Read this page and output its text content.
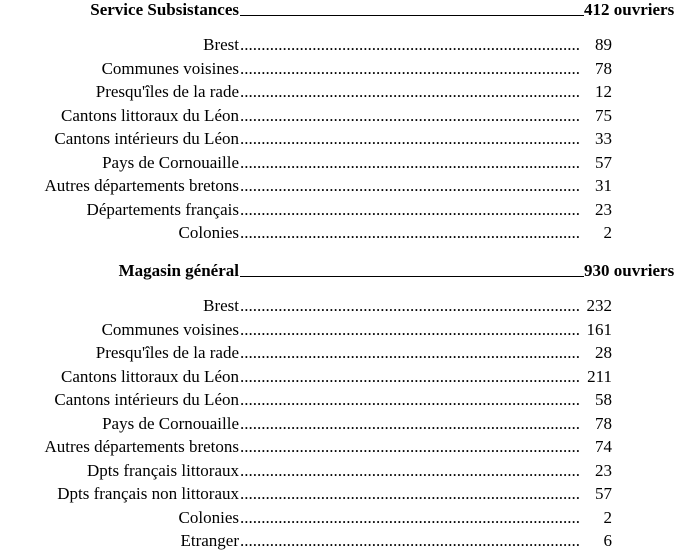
Service Subsistances	412 ouvriers
Brest .....	89
Communes voisines .....	78
Presqu'îles de la rade .....	12
Cantons littoraux du Léon .....	75
Cantons intérieurs du Léon .....	33
Pays de Cornouaille .....	57
Autres départements bretons .....	31
Départements français .....	23
Colonies .....	2
Magasin général	930 ouvriers
Brest .....	232
Communes voisines .....	161
Presqu'îles de la rade .....	28
Cantons littoraux du Léon .....	211
Cantons intérieurs du Léon .....	58
Pays de Cornouaille .....	78
Autres départements bretons .....	74
Dpts français littoraux .....	23
Dpts français non littoraux .....	57
Colonies .....	2
Etranger .....	6
